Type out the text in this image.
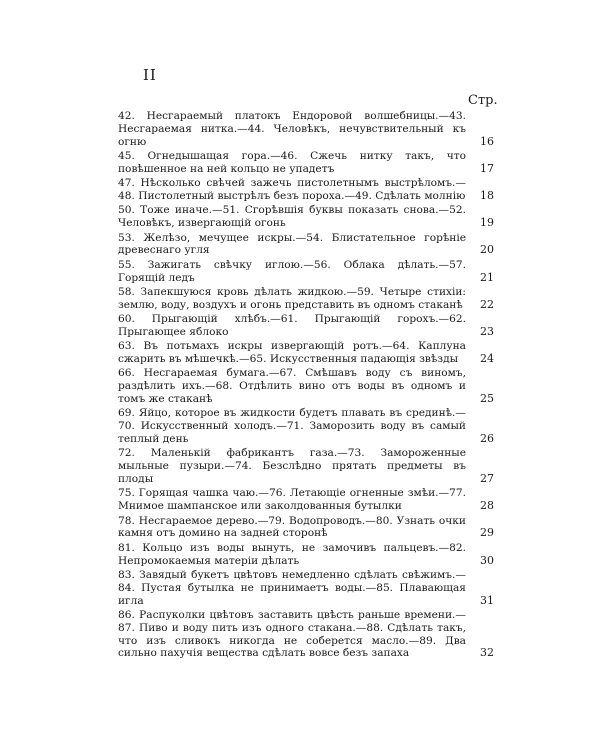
II
Стр.
42. Несгараемый платокъ Ендоровой волшебницы.—43. Несгараемая нитка.—44. Человѣкъ, нечувствительный къ огню	16
45. Огнедышащая гора.—46. Сжечь нитку такъ, что повѣшенное на ней кольцо не упадетъ	17
47. Нѣсколько свѣчей зажечь пистолетнымъ выстрѣломъ.—48. Пистолетный выстрѣлъ безъ пороха.—49. Сдѣлать молнію	18
50. Тоже иначе.—51. Сгорѣвшія буквы показать снова.—52. Человѣкъ, извергающій огонь	19
53. Желѣзо, мечущее искры.—54. Блистательное горѣніе древеснаго угля	20
55. Зажигать свѣчку иглою.—56. Облака дѣлать.—57. Горящій ледъ	21
58. Запекшуюся кровь дѣлать жидкою.—59. Четыре стихіи: землю, воду, воздухъ и огонь представить въ одномъ стаканѣ	22
60. Прыгающій хлѣбъ.—61. Прыгающій горохъ.—62. Прыгающее яблоко	23
63. Въ потьмахъ искры извергающій ротъ.—64. Каплуна сжарить въ мѣшечкѣ.—65. Искусственныя падающія звѣзды	24
66. Несгараемая бумага.—67. Смѣшавъ воду съ виномъ, раздѣлить ихъ.—68. Отдѣлить вино отъ воды въ одномъ и томъ же стаканѣ	25
69. Яйцо, которое въ жидкости будетъ плавать въ срединѣ.—70. Искусственный холодъ.—71. Заморозить воду въ самый теплый день	26
72. Маленькій фабрикантъ газа.—73. Замороженные мыльные пузыри.—74. Безслѣдно прятать предметы въ плоды	27
75. Горящая чашка чаю.—76. Летающіе огненные змѣи.—77. Мнимое шампанское или заколдованныя бутылки	28
78. Несгараемое дерево.—79. Водопроводъ.—80. Узнать очки камня отъ домино на задней сторонѣ	29
81. Кольцо изъ воды вынуть, не замочивъ пальцевъ.—82. Непромокаемыя матеріи дѣлать	30
83. Завядый букетъ цвѣтовъ немедленно сдѣлать свѣжимъ.—84. Пустая бутылка не принимаетъ воды.—85. Плавающая игла	31
86. Распуколки цвѣтовъ заставить цвѣсть раньше времени.—87. Пиво и воду пить изъ одного стакана.—88. Сдѣлать такъ, что изъ сливокъ никогда не соберется масло.—89. Два сильно пахучія вещества сдѣлать вовсе безъ запаха	32
